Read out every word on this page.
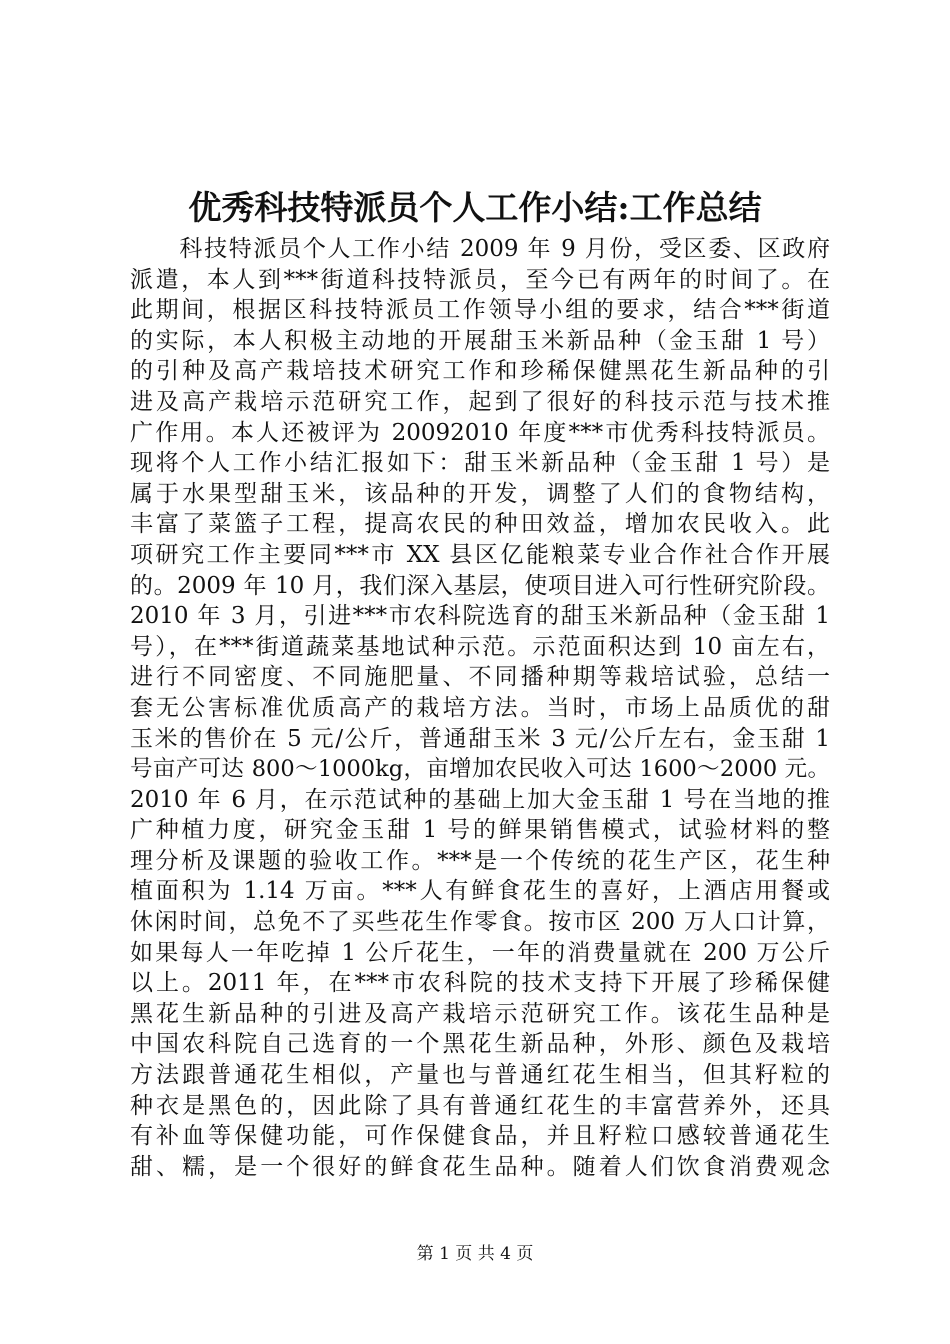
优秀科技特派员个人工作小结:工作总结
　　科技特派员个人工作小结 2009 年 9 月份，受区委、区政府
派遣，本人到***街道科技特派员，至今已有两年的时间了。在
此期间，根据区科技特派员工作领导小组的要求，结合***街道
的实际，本人积极主动地的开展甜玉米新品种（金玉甜 1 号）
的引种及高产栽培技术研究工作和珍稀保健黑花生新品种的引
进及高产栽培示范研究工作，起到了很好的科技示范与技术推
广作用。本人还被评为 20092010 年度***市优秀科技特派员。
现将个人工作小结汇报如下：甜玉米新品种（金玉甜 1 号）是
属于水果型甜玉米，该品种的开发，调整了人们的食物结构，
丰富了菜篮子工程，提高农民的种田效益，增加农民收入。此
项研究工作主要同***市 XX 县区亿能粮菜专业合作社合作开展
的。2009 年 10 月，我们深入基层，使项目进入可行性研究阶段。
2010 年 3 月，引进***市农科院选育的甜玉米新品种（金玉甜 1
号），在***街道蔬菜基地试种示范。示范面积达到 10 亩左右，
进行不同密度、不同施肥量、不同播种期等栽培试验，总结一
套无公害标准优质高产的栽培方法。当时，市场上品质优的甜
玉米的售价在 5 元/公斤，普通甜玉米 3 元/公斤左右，金玉甜 1
号亩产可达 800～1000kg，亩增加农民收入可达 1600～2000 元。
2010 年 6 月，在示范试种的基础上加大金玉甜 1 号在当地的推
广种植力度，研究金玉甜 1 号的鲜果销售模式，试验材料的整
理分析及课题的验收工作。***是一个传统的花生产区，花生种
植面积为 1.14 万亩。***人有鲜食花生的喜好，上酒店用餐或
休闲时间，总免不了买些花生作零食。按市区 200 万人口计算，
如果每人一年吃掉 1 公斤花生，一年的消费量就在 200 万公斤
以上。2011 年，在***市农科院的技术支持下开展了珍稀保健
黑花生新品种的引进及高产栽培示范研究工作。该花生品种是
中国农科院自己选育的一个黑花生新品种，外形、颜色及栽培
方法跟普通花生相似，产量也与普通红花生相当，但其籽粒的
种衣是黑色的，因此除了具有普通红花生的丰富营养外，还具
有补血等保健功能，可作保健食品，并且籽粒口感较普通花生
甜、糯，是一个很好的鲜食花生品种。随着人们饮食消费观念
第 1 页 共 4 页
